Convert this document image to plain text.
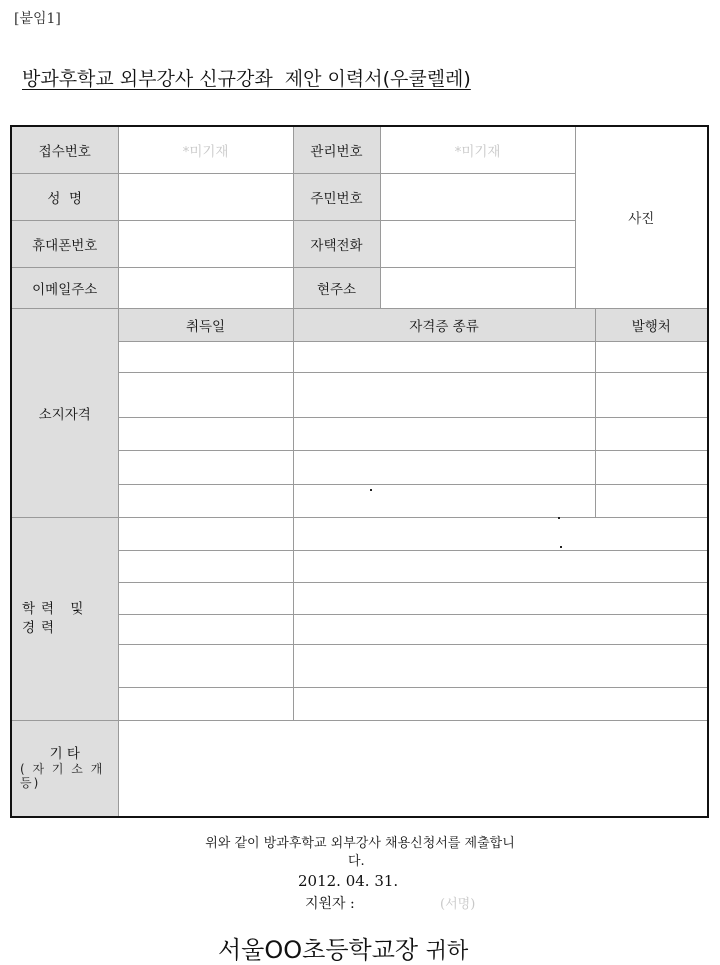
[붙임1]
방과후학교 외부강사 신규강좌  제안 이력서(우쿨렐레)
접수번호	*미기재	관리번호	*미기재	사진	
성  명		주민번호			
휴대폰번호		자택전화			
이메일주소		현주소			
소지자격	취득일	자격증 종류			발행처

학력 및 경력					

기 타
( 자 기 소 개 등)					

위와 같이 방과후학교 외부강사 채용신청서를 제출합니
다.
2012. 04. 31.
지원자 :	(서명)
서울OO초등학교장 귀하
